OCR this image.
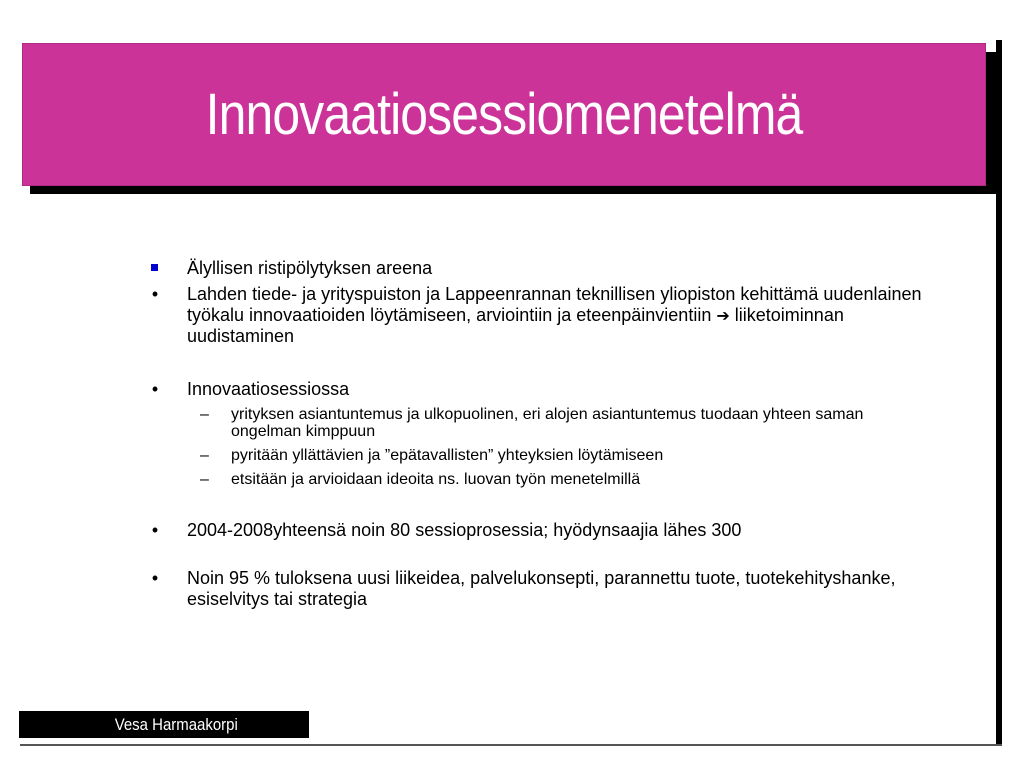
Innovaatiosessiomenetelmä
Älyllisen ristipölytyksen areena
•	Lahden tiede- ja yrityspuiston ja Lappeenrannan teknillisen yliopiston kehittämä uudenlainen työkalu innovaatioiden löytämiseen, arviointiin ja eteenpäinvientiin ➔ liiketoiminnan uudistaminen
•	Innovaatiosessiossa
– yrityksen asiantuntemus ja ulkopuolinen, eri alojen asiantuntemus tuodaan yhteen saman ongelman kimppuun
– pyritään yllättävien ja ”epätavallisten” yhteyksien löytämiseen
– etsitään ja arvioidaan ideoita ns. luovan työn menetelmillä
•	2004-2008yhteensä noin 80 sessioprosessia; hyödynsaajia lähes 300
•	Noin 95 % tuloksena uusi liikeidea, palvelukonsepti, parannettu tuote, tuotekehityshanke, esiselvitys tai strategia
Vesa Harmaakorpi
